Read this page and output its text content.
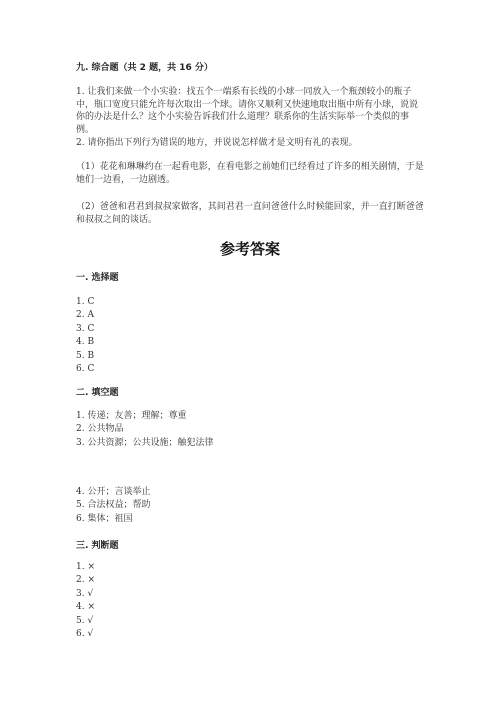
九. 综合题（共 2 题，共 16 分）

1. 让我们来做一个小实验：找五个一端系有长线的小球一同放入一个瓶颈较小的瓶子中，瓶口宽度只能允许每次取出一个球。请你又顺利又快速地取出瓶中所有小球，说说你的办法是什么？这个小实验告诉我们什么道理？联系你的生活实际举一个类似的事例。

2. 请你指出下列行为错误的地方，并说说怎样做才是文明有礼的表现。

（1）花花和琳琳约在一起看电影，在看电影之前她们已经看过了许多的相关剧情，于是她们一边看，一边剧透。

（2）爸爸和君君到叔叔家做客，其间君君一直问爸爸什么时候能回家，并一直打断爸爸和叔叔之间的谈话。

参考答案
一. 选择题
1. C
2. A
3. C
4. B
5. B
6. C
二. 填空题
1. 传递；友善；理解；尊重
2. 公共物品
3. 公共资源；公共设施；触犯法律
4. 公开；言谈举止
5. 合法权益；帮助
6. 集体；祖国
三. 判断题
1. ×
2. ×
3. √
4. ×
5. √
6. √
